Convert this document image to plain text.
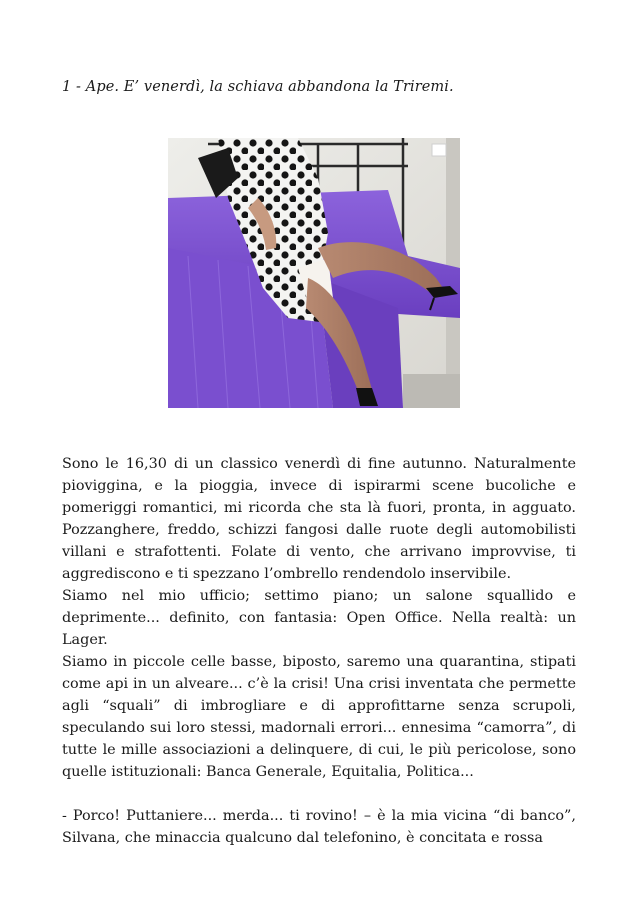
1 - Ape. E’ venerdì, la schiava abbandona la Triremi.

Sono le 16,30 di un classico venerdì di fine autunno. Naturalmente pioviggina, e la pioggia, invece di ispirarmi scene bucoliche e pomeriggi romantici, mi ricorda che sta là fuori, pronta, in agguato. Pozzanghere, freddo, schizzi fangosi dalle ruote degli automobilisti villani e strafottenti. Folate di vento, che arrivano improvvise, ti aggrediscono e ti spezzano l’ombrello rendendolo inservibile.

Siamo nel mio ufficio; settimo piano; un salone squallido e deprimente... definito, con fantasia: Open Office. Nella realtà: un Lager.

Siamo in piccole celle basse, biposto, saremo una quarantina, stipati come api in un alveare... c’è la crisi! Una crisi inventata che permette agli “squali” di imbrogliare e di approfittarne senza scrupoli, speculando sui loro stessi, madornali errori... ennesima “camorra”, di tutte le mille associazioni a delinquere, di cui, le più pericolose, sono quelle istituzionali: Banca Generale, Equitalia, Politica...

- Porco! Puttaniere... merda... ti rovino! – è la mia vicina “di banco”, Silvana, che minaccia qualcuno dal telefonino, è concitata e rossa
